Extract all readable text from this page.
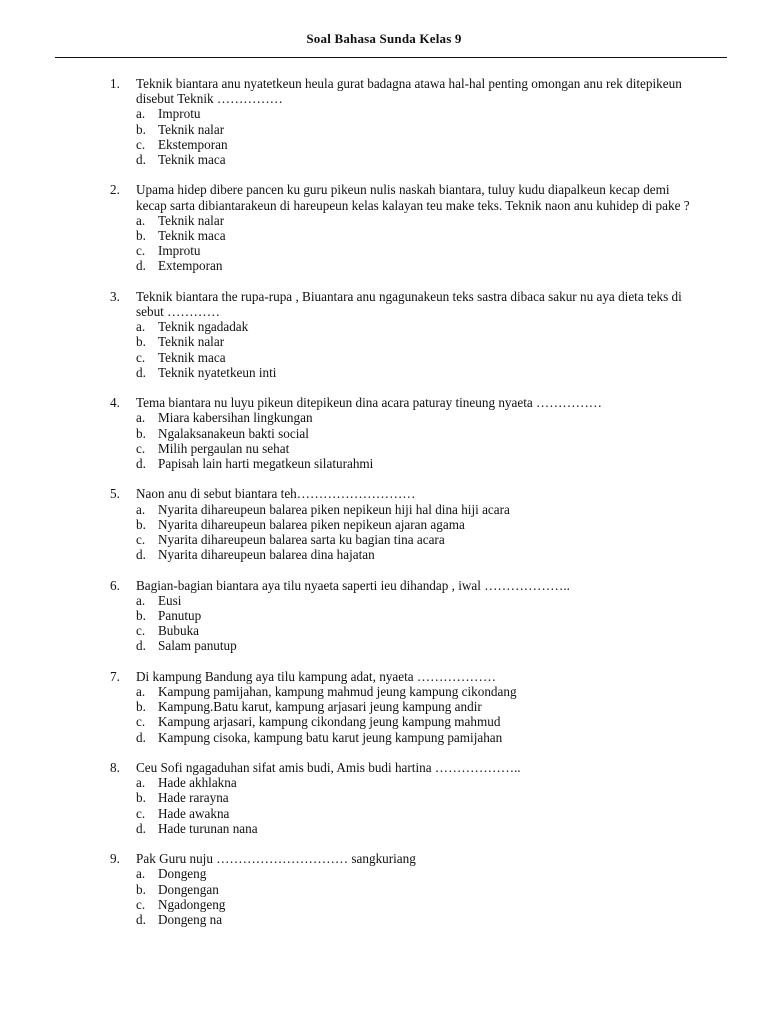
Soal Bahasa Sunda Kelas 9
1. Teknik biantara anu nyatetkeun heula gurat badagna atawa hal-hal penting omongan anu rek ditepikeun disebut Teknik ……………
a. Improtu
b. Teknik nalar
c. Ekstemporan
d. Teknik maca
2. Upama hidep dibere pancen ku guru pikeun nulis naskah biantara, tuluy kudu diapalkeun kecap demi kecap sarta dibiantarakeun di hareupeun kelas kalayan teu make teks. Teknik naon anu kuhidep di pake ?
a. Teknik nalar
b. Teknik maca
c. Improtu
d. Extemporan
3. Teknik biantara the rupa-rupa , Biuantara anu ngagunakeun teks sastra dibaca sakur nu aya dieta teks di sebut …………
a. Teknik ngadadak
b. Teknik nalar
c. Teknik maca
d. Teknik nyatetkeun inti
4. Tema biantara nu luyu pikeun ditepikeun dina acara paturay tineung nyaeta ……………
a. Miara kabersihan lingkungan
b. Ngalaksanakeun bakti social
c. Milih pergaulan nu sehat
d. Papisah lain harti megatkeun silaturahmi
5. Naon anu di sebut biantara teh………………………
a. Nyarita dihareupeun balarea piken nepikeun hiji hal dina hiji acara
b. Nyarita dihareupeun balarea piken nepikeun ajaran agama
c. Nyarita dihareupeun balarea sarta ku bagian tina acara
d. Nyarita dihareupeun balarea dina hajatan
6. Bagian-bagian biantara aya tilu nyaeta saperti ieu dihandap , iwal ………………..
a. Eusi
b. Panutup
c. Bubuka
d. Salam panutup
7. Di kampung Bandung aya tilu kampung adat, nyaeta ………………
a. Kampung pamijahan, kampung mahmud jeung kampung cikondang
b. Kampung.Batu karut, kampung arjasari jeung kampung andir
c. Kampung arjasari, kampung cikondang jeung kampung mahmud
d. Kampung cisoka, kampung batu karut jeung kampung pamijahan
8. Ceu Sofi ngagaduhan sifat amis budi, Amis budi hartina ………………..
a. Hade akhlakna
b. Hade rarayna
c. Hade awakna
d. Hade turunan nana
9. Pak Guru nuju ………………………… sangkuriang
a. Dongeng
b. Dongengan
c. Ngadongeng
d. Dongeng na
